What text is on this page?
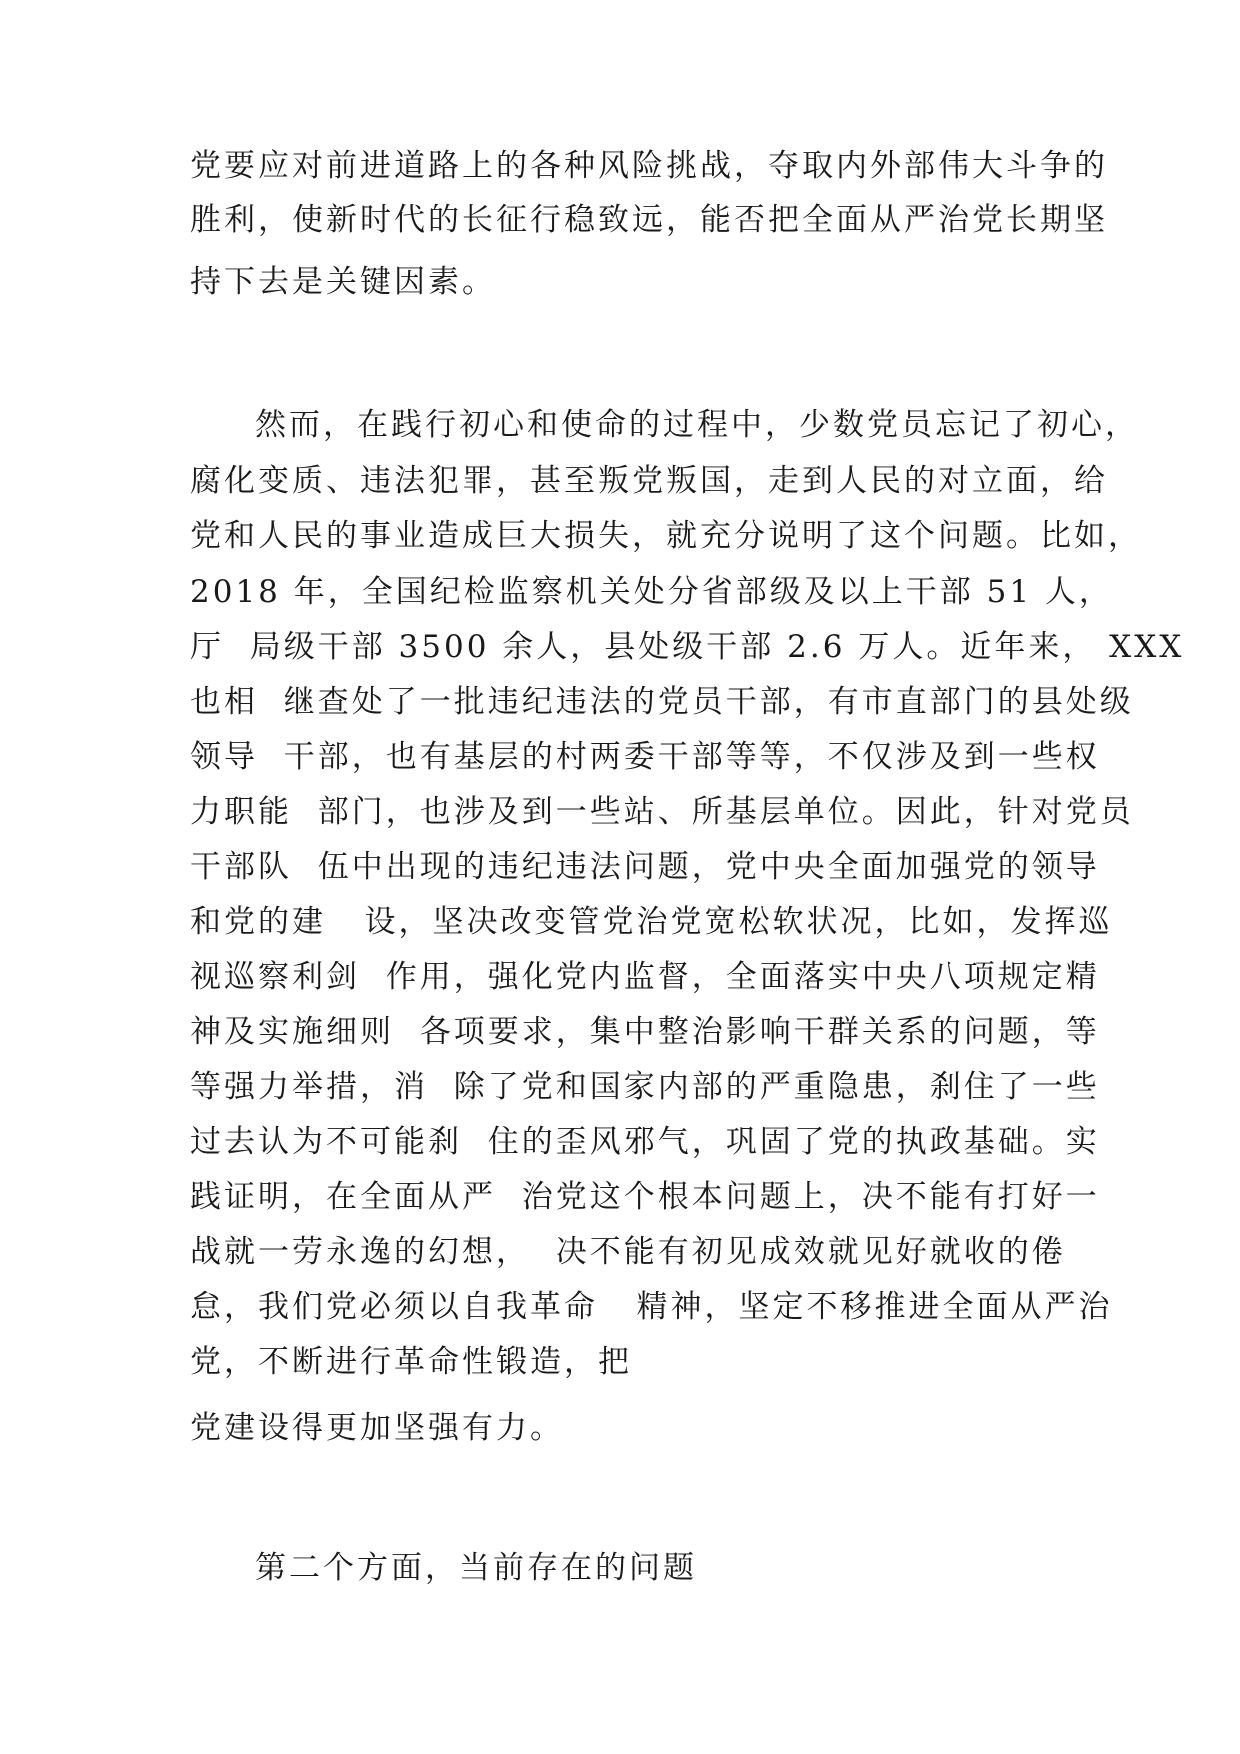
党要应对前进道路上的各种风险挑战，夺取内外部伟大斗争的

胜利，使新时代的长征行稳致远，能否把全面从严治党长期坚

持下去是关键因素。

然而，在践行初心和使命的过程中，少数党员忘记了初心，

腐化变质、违法犯罪，甚至叛党叛国，走到人民的对立面，给

党和人民的事业造成巨大损失，就充分说明了这个问题。比如，

2018 年，全国纪检监察机关处分省部级及以上干部 51 人，

厅  局级干部 3500 余人，县处级干部 2.6 万人。近年来， XXX

也相  继查处了一批违纪违法的党员干部，有市直部门的县处级

领导  干部，也有基层的村两委干部等等，不仅涉及到一些权

力职能  部门，也涉及到一些站、所基层单位。因此，针对党员

干部队  伍中出现的违纪违法问题，党中央全面加强党的领导

和党的建   设，坚决改变管党治党宽松软状况，比如，发挥巡

视巡察利剑  作用，强化党内监督，全面落实中央八项规定精

神及实施细则  各项要求，集中整治影响干群关系的问题，等

等强力举措，消  除了党和国家内部的严重隐患，刹住了一些

过去认为不可能刹  住的歪风邪气，巩固了党的执政基础。实

践证明，在全面从严  治党这个根本问题上，决不能有打好一

战就一劳永逸的幻想，  决不能有初见成效就见好就收的倦

怠，我们党必须以自我革命   精神，坚定不移推进全面从严治

党，不断进行革命性锻造，把

党建设得更加坚强有力。

第二个方面，当前存在的问题
